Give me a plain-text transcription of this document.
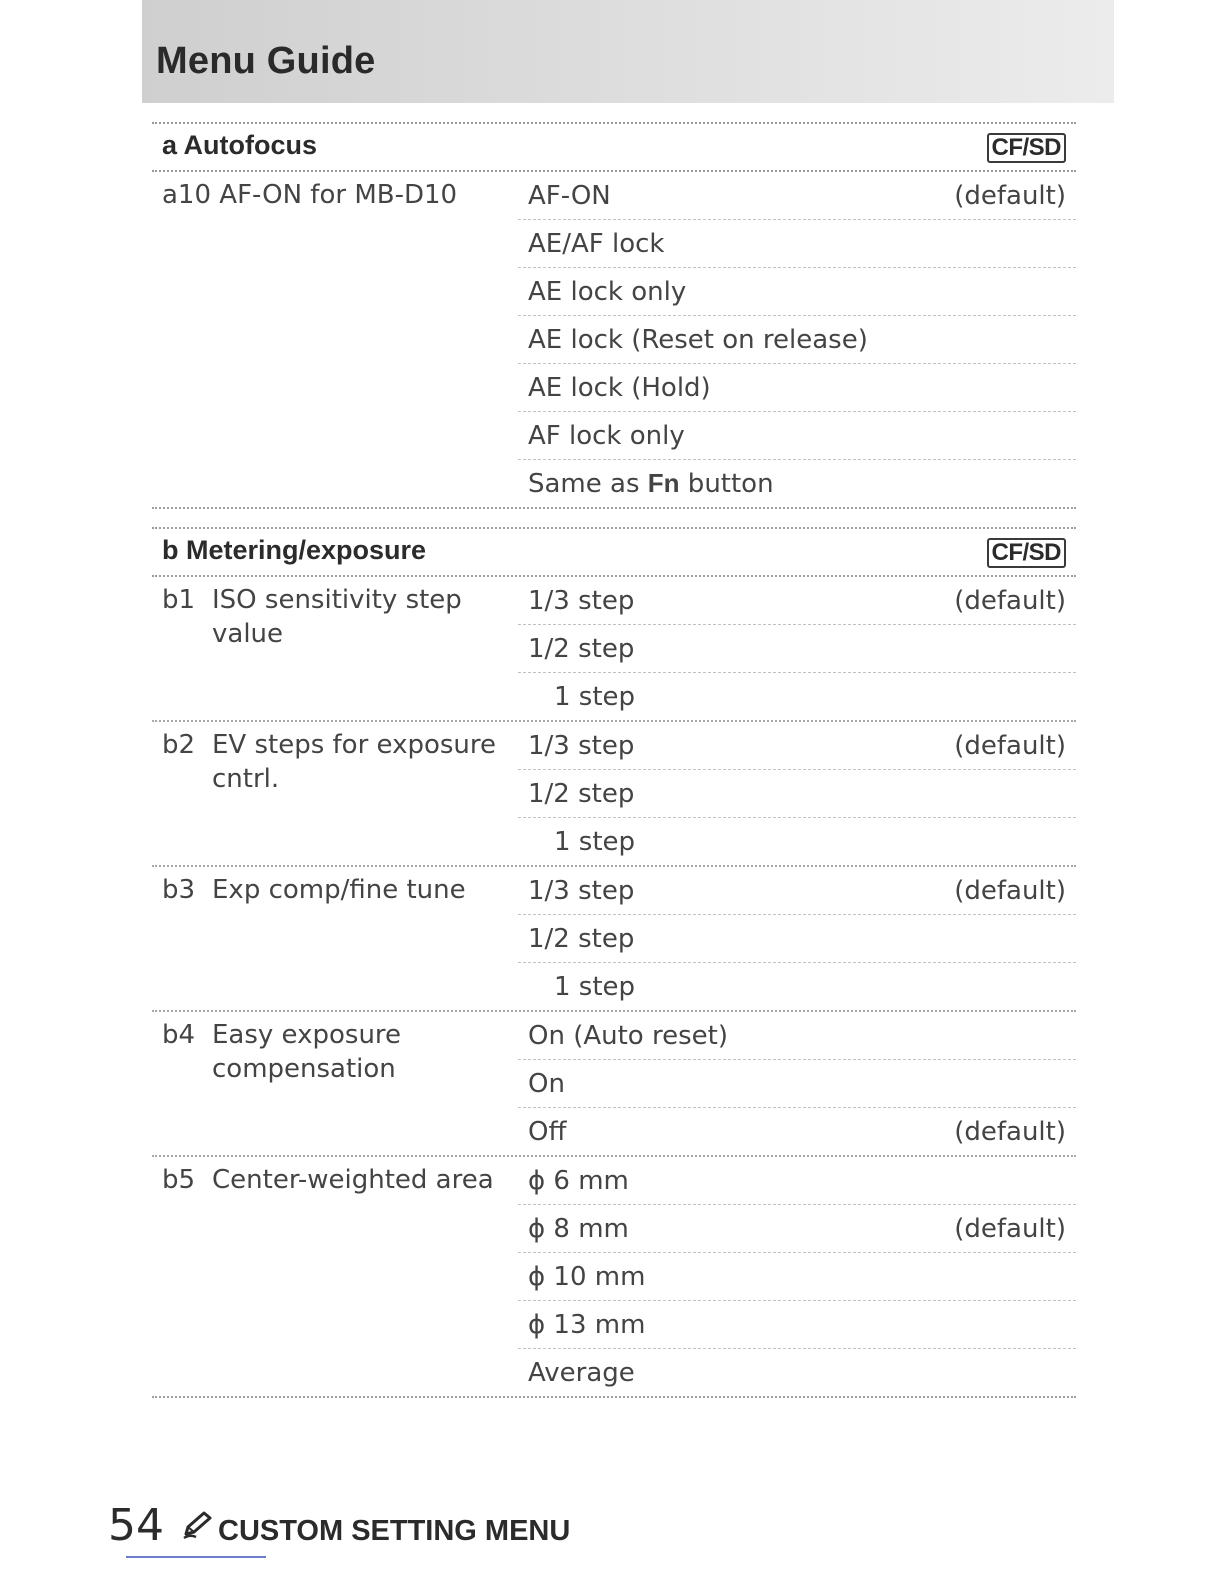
Menu Guide
a Autofocus	CF/SD
a10 AF-ON for MB-D10	AF-ON	(default)
AE/AF lock
AE lock only
AE lock (Reset on release)
AE lock (Hold)
AF lock only
Same as Fn button
b Metering/exposure	CF/SD
b1 ISO sensitivity step value
1/3 step	(default)
1/2 step
1 step
b2 EV steps for exposure cntrl.
1/3 step	(default)
1/2 step
1 step
b3 Exp comp/fine tune	1/3 step	(default)
1/2 step
1 step
b4 Easy exposure compensation
On (Auto reset)
On
Off	(default)
b5 Center-weighted area	ϕ 6 mm
ϕ 8 mm	(default)
ϕ 10 mm
ϕ 13 mm
Average
54 CUSTOM SETTING MENU
